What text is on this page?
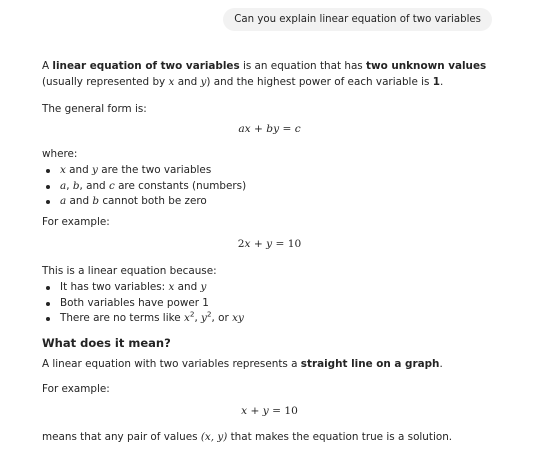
Can you explain linear equation of two variables

A linear equation of two variables is an equation that has two unknown values (usually represented by x and y) and the highest power of each variable is 1.

The general form is:

ax + by = c

where:

x and y are the two variables
a, b, and c are constants (numbers)
a and b cannot both be zero

For example:

2x + y = 10

This is a linear equation because:

It has two variables: x and y
Both variables have power 1
There are no terms like $x^2$, $y^2$, or xy
What does it mean?

A linear equation with two variables represents a straight line on a graph.

For example:

x + y = 10

means that any pair of values (x, y) that makes the equation true is a solution.
